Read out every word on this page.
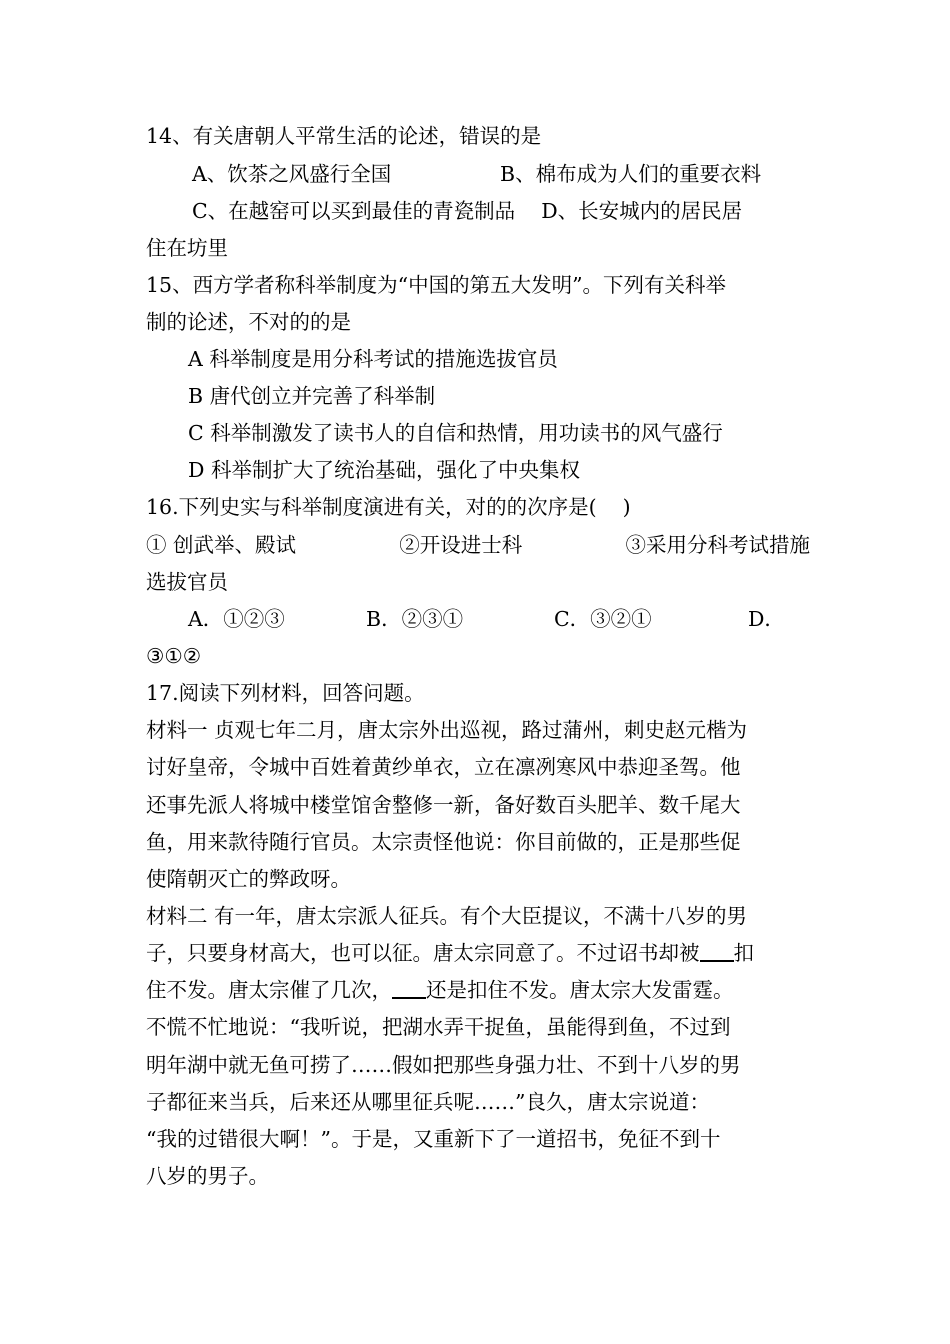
14、有关唐朝人平常生活的论述，错误的是
A、饮茶之风盛行全国	B、棉布成为人们的重要衣料
C、在越窑可以买到最佳的青瓷制品    D、长安城内的居民居
住在坊里
15、西方学者称科举制度为“中国的第五大发明”。下列有关科举
制的论述，不对的的是
A 科举制度是用分科考试的措施选拔官员
B 唐代创立并完善了科举制
C 科举制激发了读书人的自信和热情，用功读书的风气盛行
D 科举制扩大了统治基础，强化了中央集权
16.下列史实与科举制度演进有关，对的的次序是(    )
① 创武举、殿试	②开设进士科	③采用分科考试措施
选拔官员
A．①②③	B．②③①	C．③②①	D．
③①②
17.阅读下列材料，回答问题。
材料一 贞观七年二月，唐太宗外出巡视，路过蒲州，刺史赵元楷为
讨好皇帝，令城中百姓着黄纱单衣，立在凛冽寒风中恭迎圣驾。他
还事先派人将城中楼堂馆舍整修一新，备好数百头肥羊、数千尾大
鱼，用来款待随行官员。太宗责怪他说：你目前做的，正是那些促
使隋朝灭亡的弊政呀。
材料二 有一年，唐太宗派人征兵。有个大臣提议，不满十八岁的男
子，只要身材高大，也可以征。唐太宗同意了。不过诏书却被 扣
住不发。唐太宗催了几次， 还是扣住不发。唐太宗大发雷霆。
不慌不忙地说：“我听说，把湖水弄干捉鱼，虽能得到鱼，不过到
明年湖中就无鱼可捞了……假如把那些身强力壮、不到十八岁的男
子都征来当兵，后来还从哪里征兵呢……”良久，唐太宗说道：
“我的过错很大啊！”。于是，又重新下了一道招书，免征不到十
八岁的男子。
